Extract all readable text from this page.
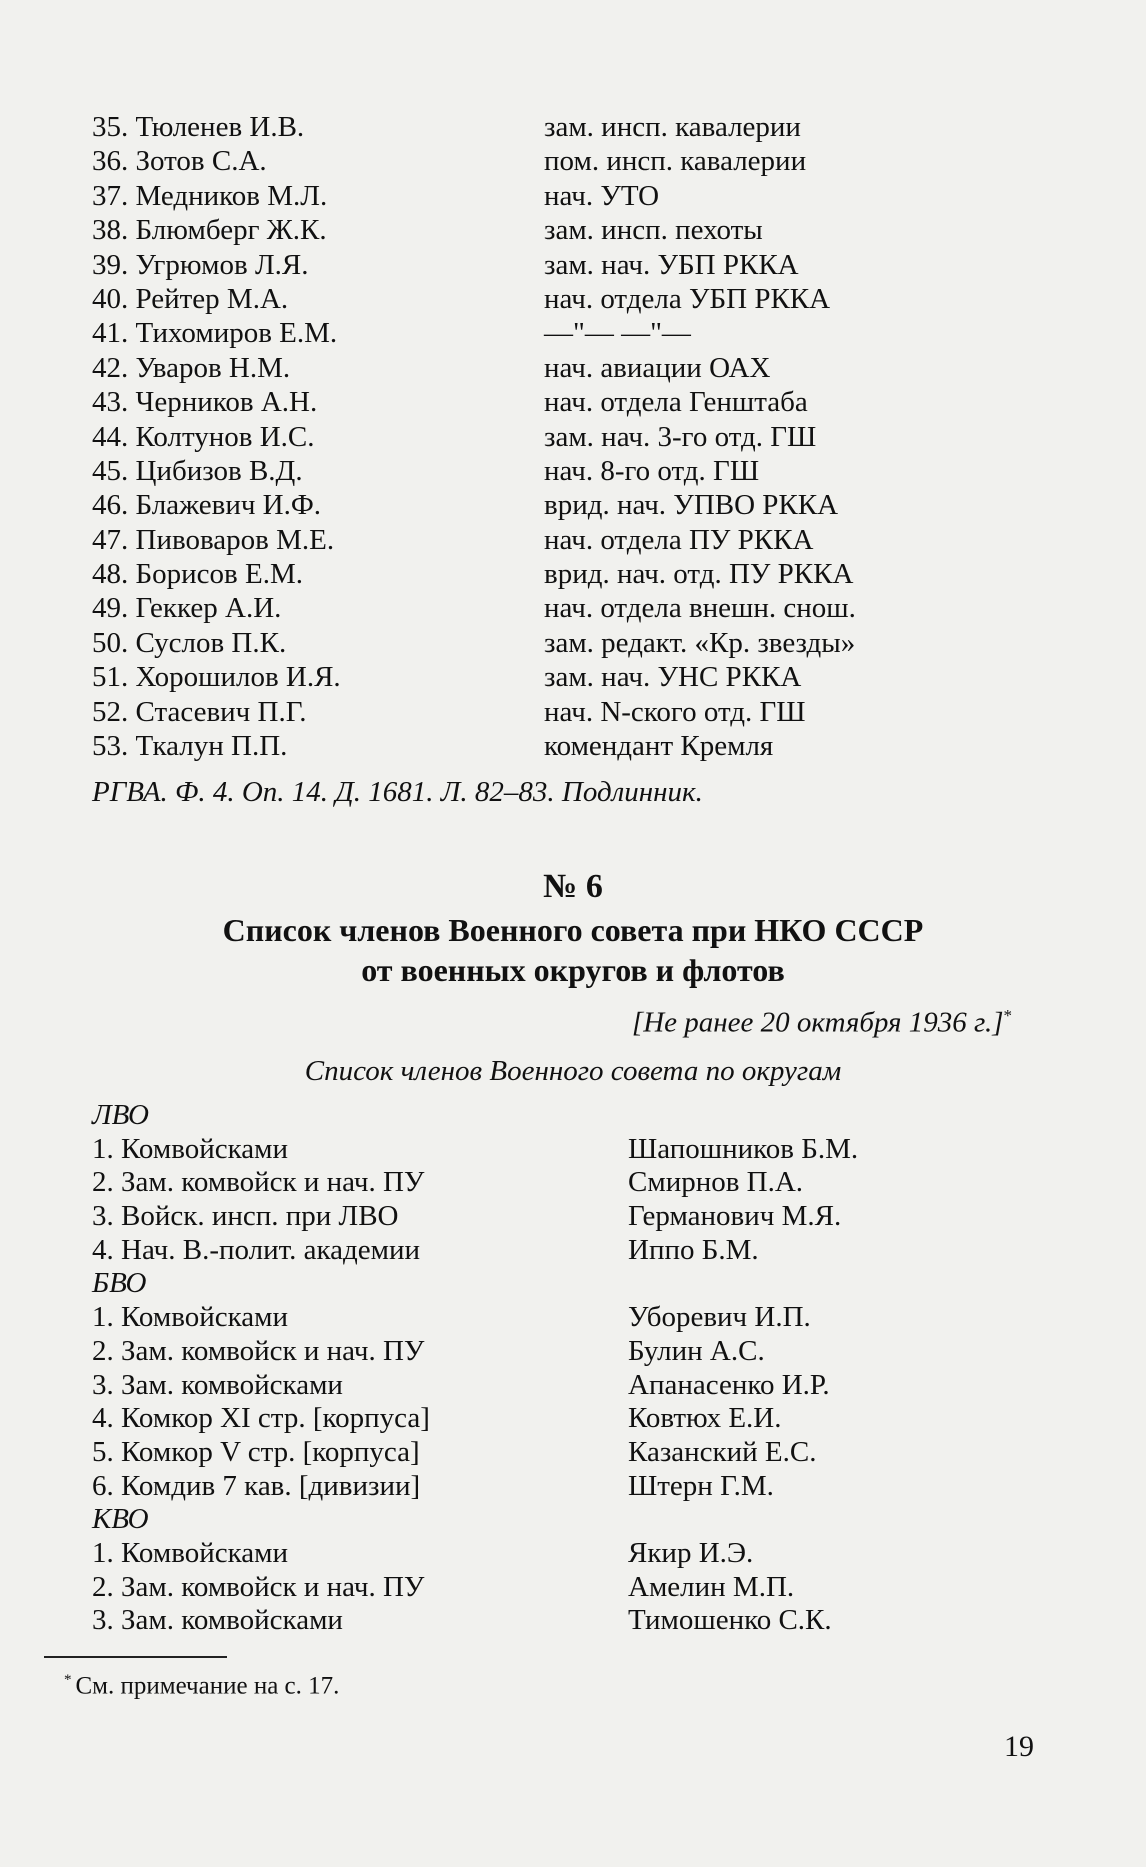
35. Тюленев И.В.	зам. инсп. кавалерии
36. Зотов С.А.	пом. инсп. кавалерии
37. Медников М.Л.	нач. УТО
38. Блюмберг Ж.К.	зам. инсп. пехоты
39. Угрюмов Л.Я.	зам. нач. УБП РККА
40. Рейтер М.А.	нач. отдела УБП РККА
41. Тихомиров Е.М.	—"— —"—
42. Уваров Н.М.	нач. авиации ОАХ
43. Черников А.Н.	нач. отдела Генштаба
44. Колтунов И.С.	зам. нач. 3-го отд. ГШ
45. Цибизов В.Д.	нач. 8-го отд. ГШ
46. Блажевич И.Ф.	врид. нач. УПВО РККА
47. Пивоваров М.Е.	нач. отдела ПУ РККА
48. Борисов Е.М.	врид. нач. отд. ПУ РККА
49. Геккер А.И.	нач. отдела внешн. снош.
50. Суслов П.К.	зам. редакт. «Кр. звезды»
51. Хорошилов И.Я.	зам. нач. УНС РККА
52. Стасевич П.Г.	нач. N-ского отд. ГШ
53. Ткалун П.П.	комендант Кремля
РГВА. Ф. 4. Оп. 14. Д. 1681. Л. 82–83. Подлинник.
№ 6
Список членов Военного совета при НКО СССР
от военных округов и флотов
[Не ранее 20 октября 1936 г.]*
Список членов Военного совета по округам
ЛВО
1. Комвойсками	Шапошников Б.М.
2. Зам. комвойск и нач. ПУ	Смирнов П.А.
3. Войск. инсп. при ЛВО	Германович М.Я.
4. Нач. В.-полит. академии	Иппо Б.М.
БВО
1. Комвойсками	Уборевич И.П.
2. Зам. комвойск и нач. ПУ	Булин А.С.
3. Зам. комвойсками	Апанасенко И.Р.
4. Комкор XI стр. [корпуса]	Ковтюх Е.И.
5. Комкор V стр. [корпуса]	Казанский Е.С.
6. Комдив 7 кав. [дивизии]	Штерн Г.М.
КВО
1. Комвойсками	Якир И.Э.
2. Зам. комвойск и нач. ПУ	Амелин М.П.
3. Зам. комвойсками	Тимошенко С.К.
* См. примечание на с. 17.
19
